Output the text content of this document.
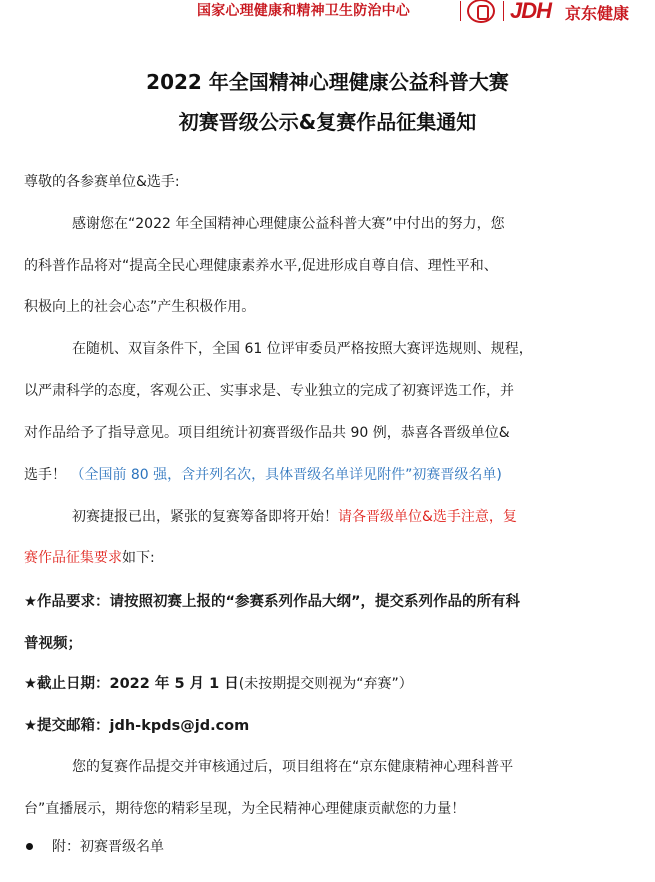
国家心理健康和精神卫生防治中心	JDH 京东健康
2022 年全国精神心理健康公益科普大赛
初赛晋级公示&复赛作品征集通知
尊敬的各参赛单位&选手:
感谢您在“2022 年全国精神心理健康公益科普大赛”中付出的努力，您
的科普作品将对“提高全民心理健康素养水平,促进形成自尊自信、理性平和、
积极向上的社会心态”产生积极作用。
在随机、双盲条件下，全国 61 位评审委员严格按照大赛评选规则、规程，
以严肃科学的态度，客观公正、实事求是、专业独立的完成了初赛评选工作，并
对作品给予了指导意见。项目组统计初赛晋级作品共 90 例，恭喜各晋级单位&
选手！ （全国前 80 强，含并列名次，具体晋级名单详见附件”初赛晋级名单)
初赛捷报已出，紧张的复赛筹备即将开始！请各晋级单位&选手注意，复
赛作品征集要求如下:
★作品要求：请按照初赛上报的“参赛系列作品大纲”，提交系列作品的所有科
普视频；
★截止日期：2022 年 5 月 1 日(未按期提交则视为“弃赛”）
★提交邮箱：jdh-kpds@jd.com
您的复赛作品提交并审核通过后，项目组将在“京东健康精神心理科普平
台”直播展示，期待您的精彩呈现，为全民精神心理健康贡献您的力量！
附：初赛晋级名单
